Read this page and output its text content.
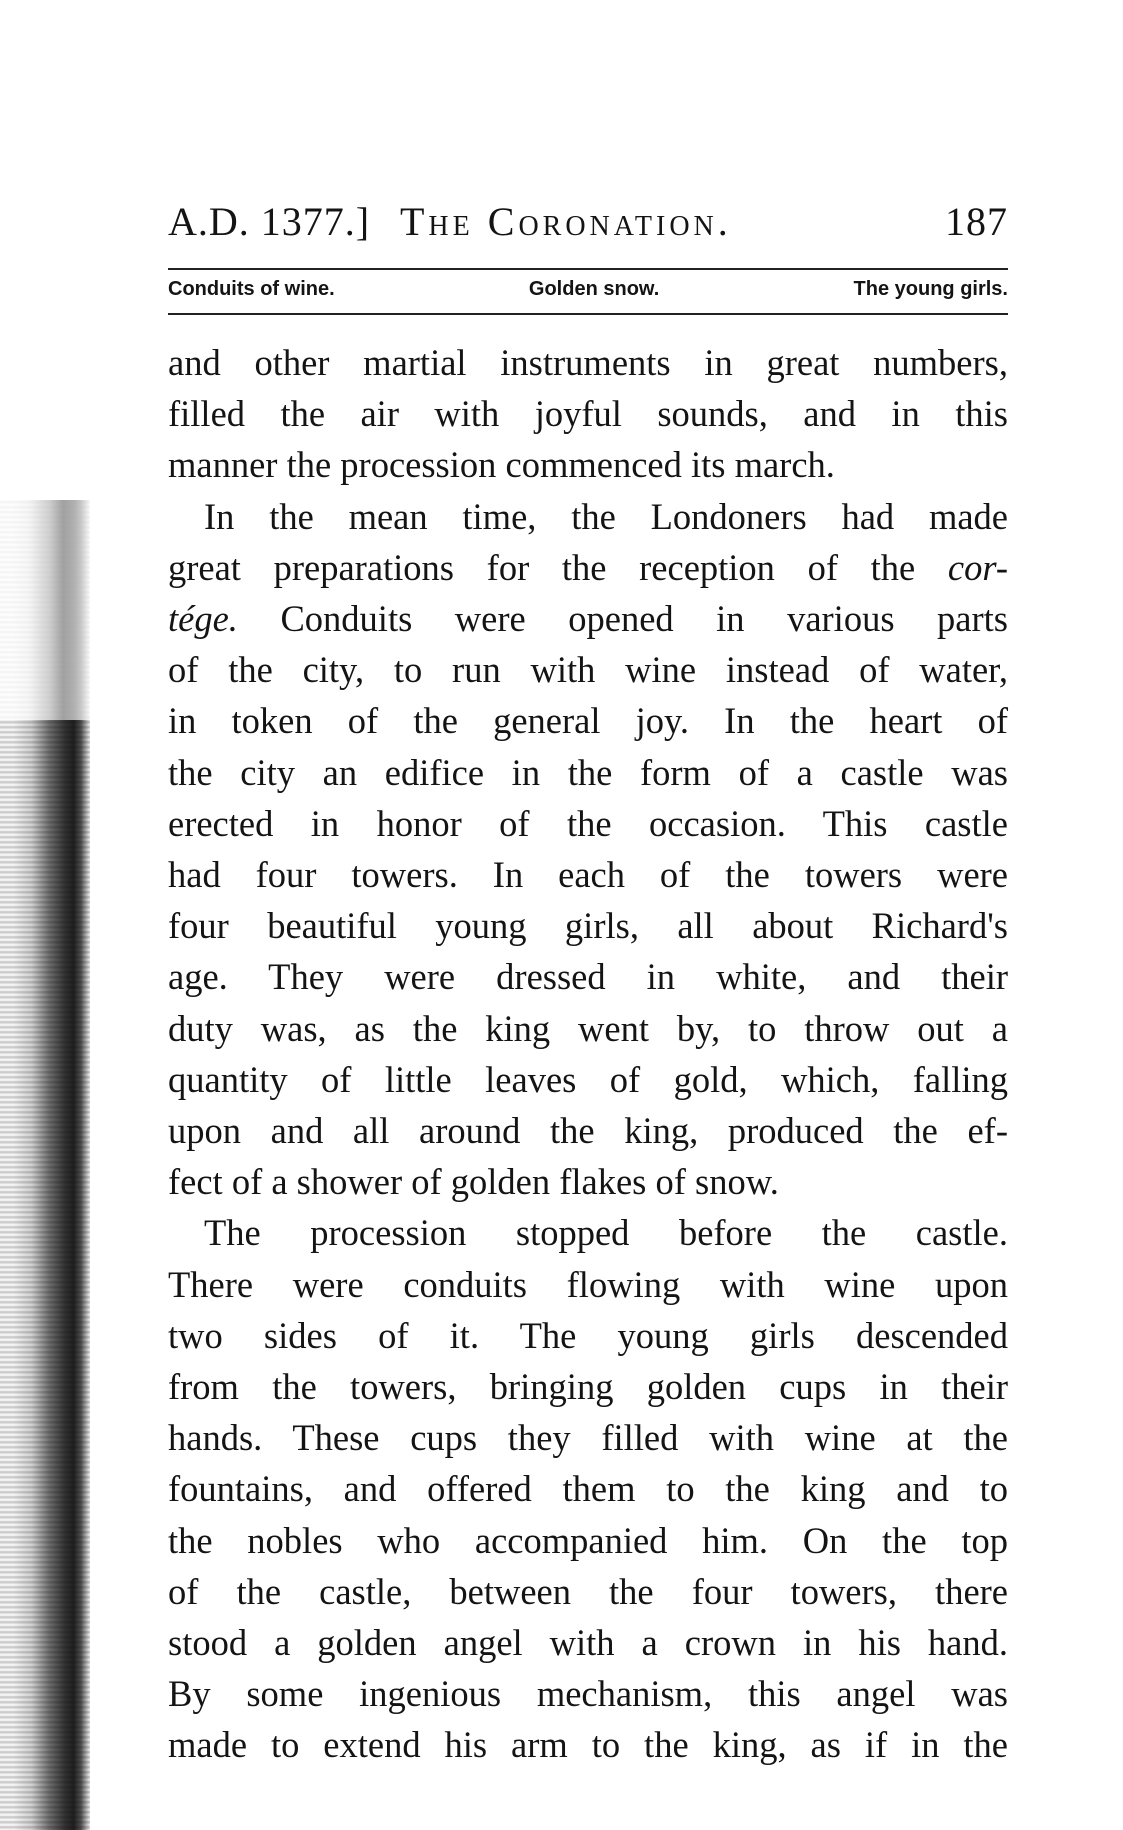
A.D. 1377.] The Coronation.	187
Conduits of wine.	Golden snow.	The young girls.

and other martial instruments in great numbers,
filled the air with joyful sounds, and in this
manner the procession commenced its march.

In the mean time, the Londoners had made
great preparations for the reception of the cor-
tége. Conduits were opened in various parts
of the city, to run with wine instead of water,
in token of the general joy. In the heart of
the city an edifice in the form of a castle was
erected in honor of the occasion. This castle
had four towers. In each of the towers were
four beautiful young girls, all about Richard's
age. They were dressed in white, and their
duty was, as the king went by, to throw out a
quantity of little leaves of gold, which, falling
upon and all around the king, produced the ef-
fect of a shower of golden flakes of snow.

The procession stopped before the castle.
There were conduits flowing with wine upon
two sides of it. The young girls descended
from the towers, bringing golden cups in their
hands. These cups they filled with wine at the
fountains, and offered them to the king and to
the nobles who accompanied him. On the top
of the castle, between the four towers, there
stood a golden angel with a crown in his hand.
By some ingenious mechanism, this angel was
made to extend his arm to the king, as if in the
